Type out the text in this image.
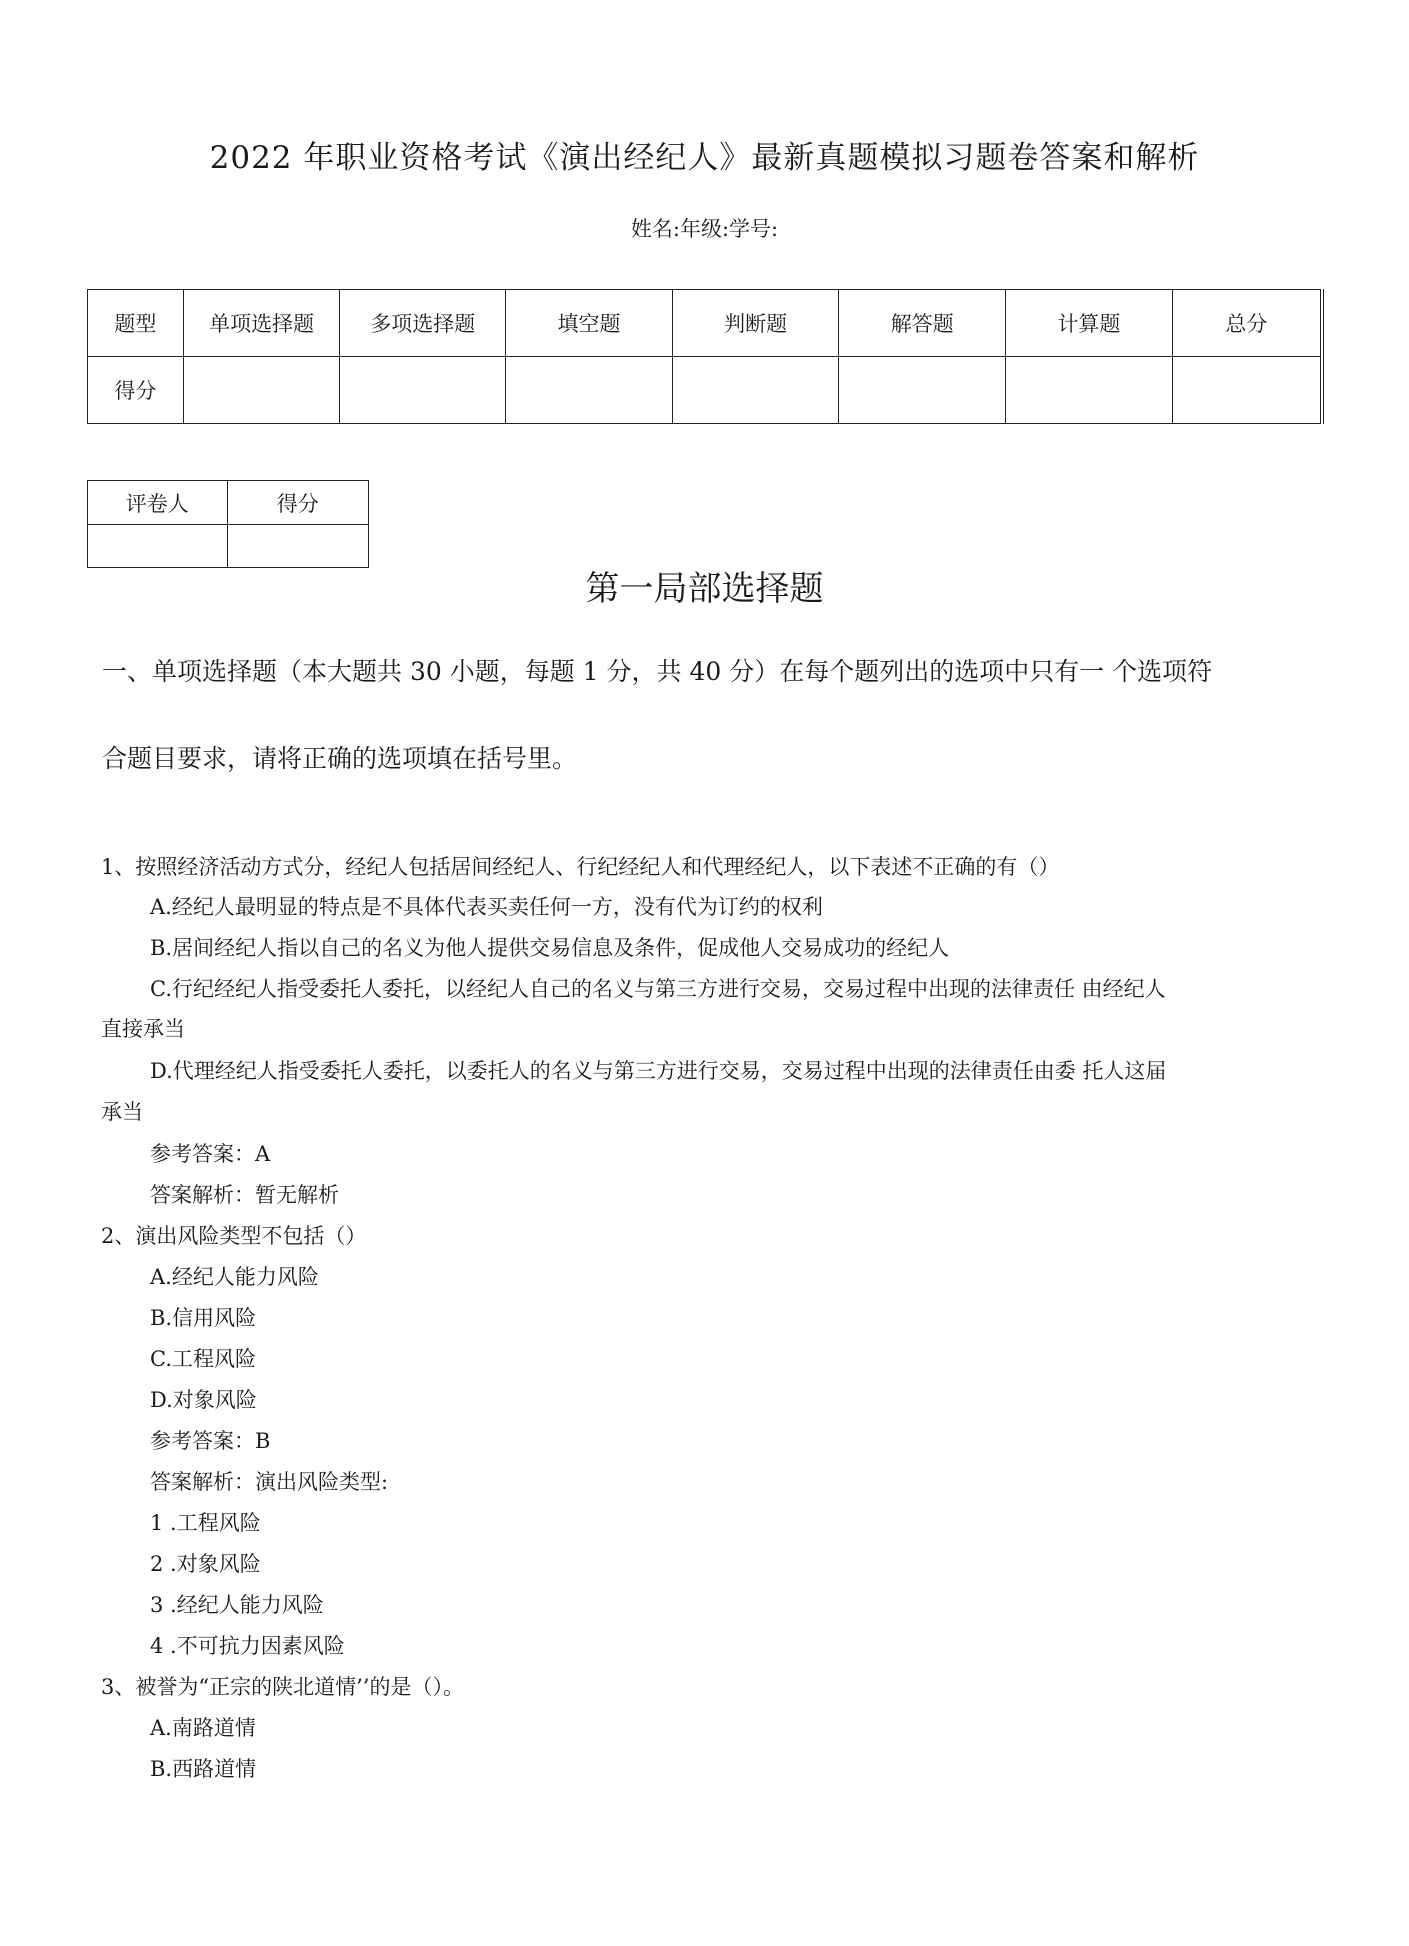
2022 年职业资格考试《演出经纪人》最新真题模拟习题卷答案和解析
姓名:年级:学号:
题型	单项选择题	多项选择题	填空题	判断题	解答题	计算题	总分
得分							
评卷人	得分

第一局部选择题
一、单项选择题（本大题共 30 小题，每题 1 分，共 40 分）在每个题列出的选项中只有一 个选项符
合题目要求，请将正确的选项填在括号里。
1、按照经济活动方式分，经纪人包括居间经纪人、行纪经纪人和代理经纪人，以下表述不正确的有（）
A.经纪人最明显的特点是不具体代表买卖任何一方，没有代为订约的权利
B.居间经纪人指以自己的名义为他人提供交易信息及条件，促成他人交易成功的经纪人
C.行纪经纪人指受委托人委托，以经纪人自己的名义与第三方进行交易，交易过程中出现的法律责任 由经纪人
直接承当
D.代理经纪人指受委托人委托，以委托人的名义与第三方进行交易，交易过程中出现的法律责任由委 托人这届
承当
参考答案：A
答案解析：暂无解析
2、演出风险类型不包括（）
A.经纪人能力风险
B.信用风险
C.工程风险
D.对象风险
参考答案：B
答案解析：演出风险类型:
1 .工程风险
2 .对象风险
3 .经纪人能力风险
4 .不可抗力因素风险
3、被誉为“正宗的陕北道情’’的是（）。
A.南路道情
B.西路道情
